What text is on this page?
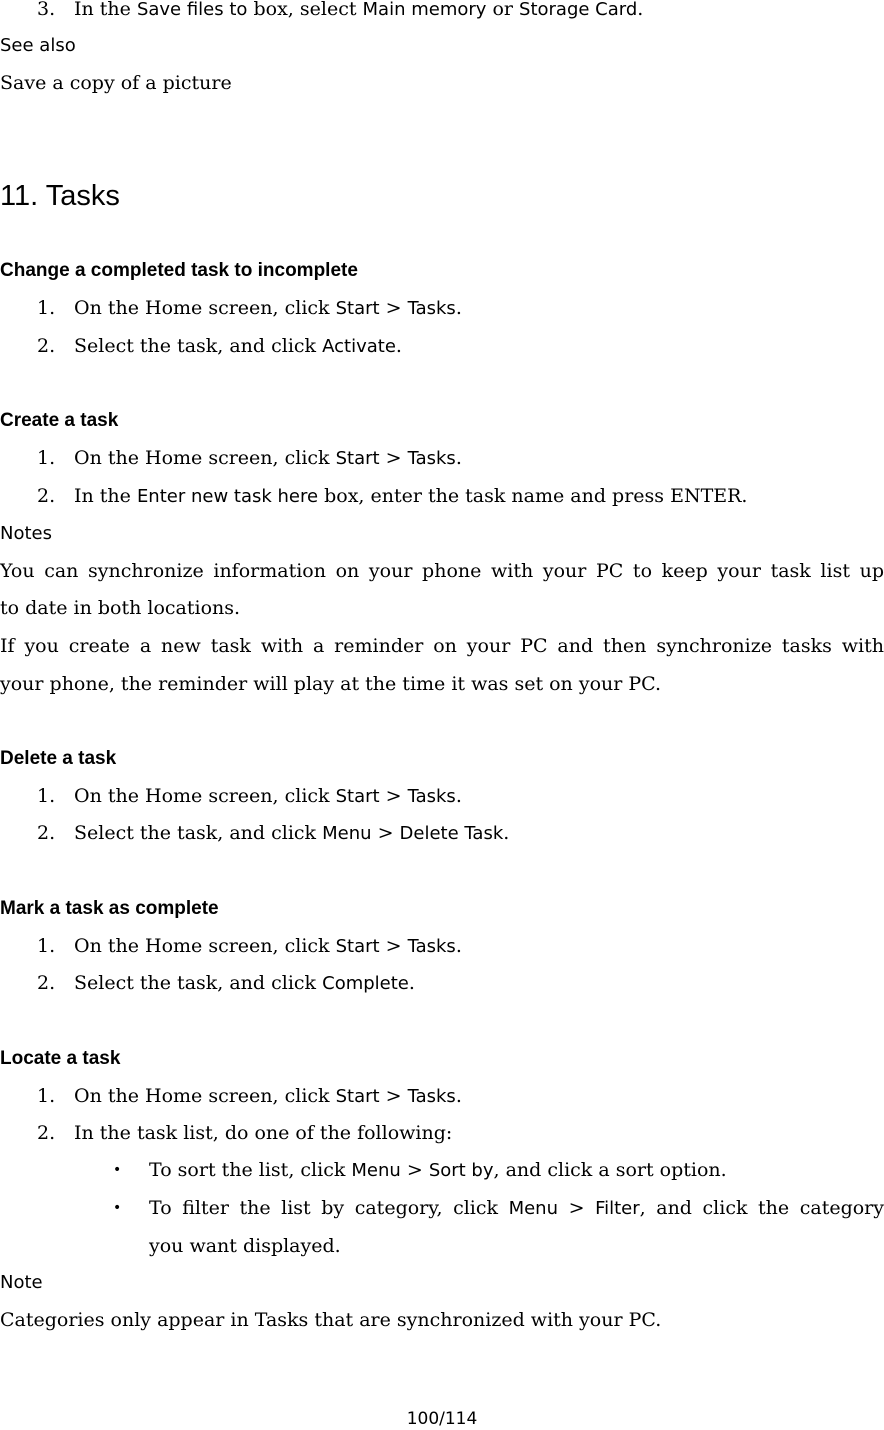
3. In the Save files to box, select Main memory or Storage Card.
See also
Save a copy of a picture
11. Tasks
Change a completed task to incomplete
1. On the Home screen, click Start > Tasks.
2. Select the task, and click Activate.
Create a task
1. On the Home screen, click Start > Tasks.
2. In the Enter new task here box, enter the task name and press ENTER.
Notes
You can synchronize information on your phone with your PC to keep your task list up
to date in both locations.
If you create a new task with a reminder on your PC and then synchronize tasks with
your phone, the reminder will play at the time it was set on your PC.
Delete a task
1. On the Home screen, click Start > Tasks.
2. Select the task, and click Menu > Delete Task.
Mark a task as complete
1. On the Home screen, click Start > Tasks.
2. Select the task, and click Complete.
Locate a task
1. On the Home screen, click Start > Tasks.
2. In the task list, do one of the following:
• To sort the list, click Menu > Sort by, and click a sort option.
• To filter the list by category, click Menu > Filter, and click the category
you want displayed.
Note
Categories only appear in Tasks that are synchronized with your PC.
100/114
